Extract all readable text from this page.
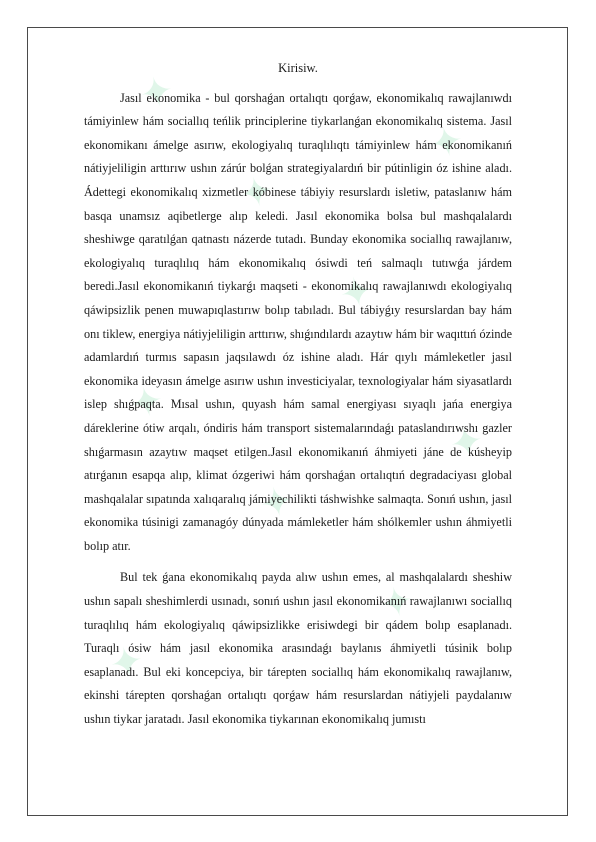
✦
✦
✦
✦
✦
✦
✦
✦
✦
Kirisiw.

Jasıl ekonomika - bul qorshaǵan ortalıqtı qorǵaw, ekonomikalıq rawajlanıwdı támiyinlew hám sociallıq teńlik principlerine tiykarlanǵan ekonomikalıq sistema. Jasıl ekonomikanı ámelge asırıw, ekologiyalıq turaqlılıqtı támiyinlew hám ekonomikanıń nátiyjeliligin arttırıw ushın zárúr bolǵan strategiyalardıń bir pútinligin óz ishine aladı. Ádettegi ekonomikalıq xizmetler kóbinese tábiyiy resurslardı isletiw, pataslanıw hám basqa unamsız aqibetlerge alıp keledi. Jasıl ekonomika bolsa bul mashqalalardı sheshiwge qaratılǵan qatnastı názerde tutadı. Bunday ekonomika sociallıq rawajlanıw, ekologiyalıq turaqlılıq hám ekonomikalıq ósiwdi teń salmaqlı tutıwǵa járdem beredi.Jasıl ekonomikanıń tiykarǵı maqseti - ekonomikalıq rawajlanıwdı ekologiyalıq qáwipsizlik penen muwapıqlastırıw bolıp tabıladı. Bul tábiyǵıy resurslardan bay hám onı tiklew, energiya nátiyjeliligin arttırıw, shıǵındılardı azaytıw hám bir waqıttıń ózinde adamlardıń turmıs sapasın jaqsılawdı óz ishine aladı. Hár qıylı mámleketler jasıl ekonomika ideyasın ámelge asırıw ushın investiciyalar, texnologiyalar hám siyasatlardı islep shıǵpaqta. Mısal ushın, quyash hám samal energiyası sıyaqlı jańa energiya dáreklerine ótiw arqalı, óndiris hám transport sistemalarındaǵı pataslandırıwshı gazler shıǵarmasın azaytıw maqset etilgen.Jasıl ekonomikanıń áhmiyeti jáne de kúsheyip atırǵanın esapqa alıp, klimat ózgeriwi hám qorshaǵan ortalıqtıń degradaciyası global mashqalalar sıpatında xalıqaralıq jámiyechilikti táshwishke salmaqta. Sonıń ushın, jasıl ekonomika túsinigi zamanagóy dúnyada mámleketler hám shólkemler ushın áhmiyetli bolıp atır.

Bul tek ǵana ekonomikalıq payda alıw ushın emes, al mashqalalardı sheshiw ushın sapalı sheshimlerdi usınadı, sonıń ushın jasıl ekonomikanıń rawajlanıwı sociallıq turaqlılıq hám ekologiyalıq qáwipsizlikke erisiwdegi bir qádem bolıp esaplanadı. Turaqlı ósiw hám jasıl ekonomika arasındaǵı baylanıs áhmiyetli túsinik bolıp esaplanadı. Bul eki koncepciya, bir tárepten sociallıq hám ekonomikalıq rawajlanıw, ekinshi tárepten qorshaǵan ortalıqtı qorǵaw hám resurslardan nátiyjeli paydalanıw ushın tiykar jaratadı. Jasıl ekonomika tiykarınan ekonomikalıq jumıstı
